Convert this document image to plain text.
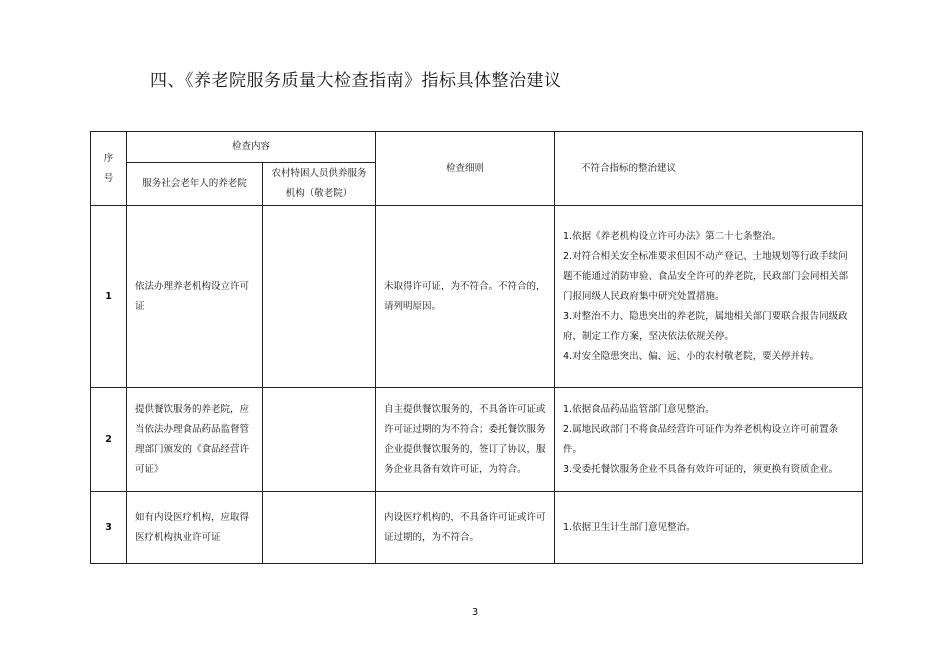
四、《养老院服务质量大检查指南》指标具体整治建议
序
号	检查内容		检查细则	不符合指标的整治建议
	服务社会老年人的养老院	农村特困人员供养服务机构（敬老院）		
1	依法办理养老机构设立许可证		未取得许可证，为不符合。不符合的，请列明原因。	1.依据《养老机构设立许可办法》第二十七条整治。
2.对符合相关安全标准要求但因不动产登记、土地规划等行政手续问题不能通过消防审验、食品安全许可的养老院，民政部门会同相关部门报同级人民政府集中研究处置措施。
3.对整治不力、隐患突出的养老院，属地相关部门要联合报告同级政府，制定工作方案，坚决依法依规关停。
4.对安全隐患突出、偏、远、小的农村敬老院，要关停并转。

2	提供餐饮服务的养老院，应当依法办理食品药品监督管理部门颁发的《食品经营许可证》		自主提供餐饮服务的，不具备许可证或许可证过期的为不符合；委托餐饮服务企业提供餐饮服务的，签订了协议，服务企业具备有效许可证，为符合。	1.依据食品药品监管部门意见整治。
2.属地民政部门不将食品经营许可证作为养老机构设立许可前置条件。
3.受委托餐饮服务企业不具备有效许可证的，须更换有资质企业。

3	如有内设医疗机构，应取得医疗机构执业许可证		内设医疗机构的，不具备许可证或许可证过期的，为不符合。	1.依据卫生计生部门意见整治。
3
